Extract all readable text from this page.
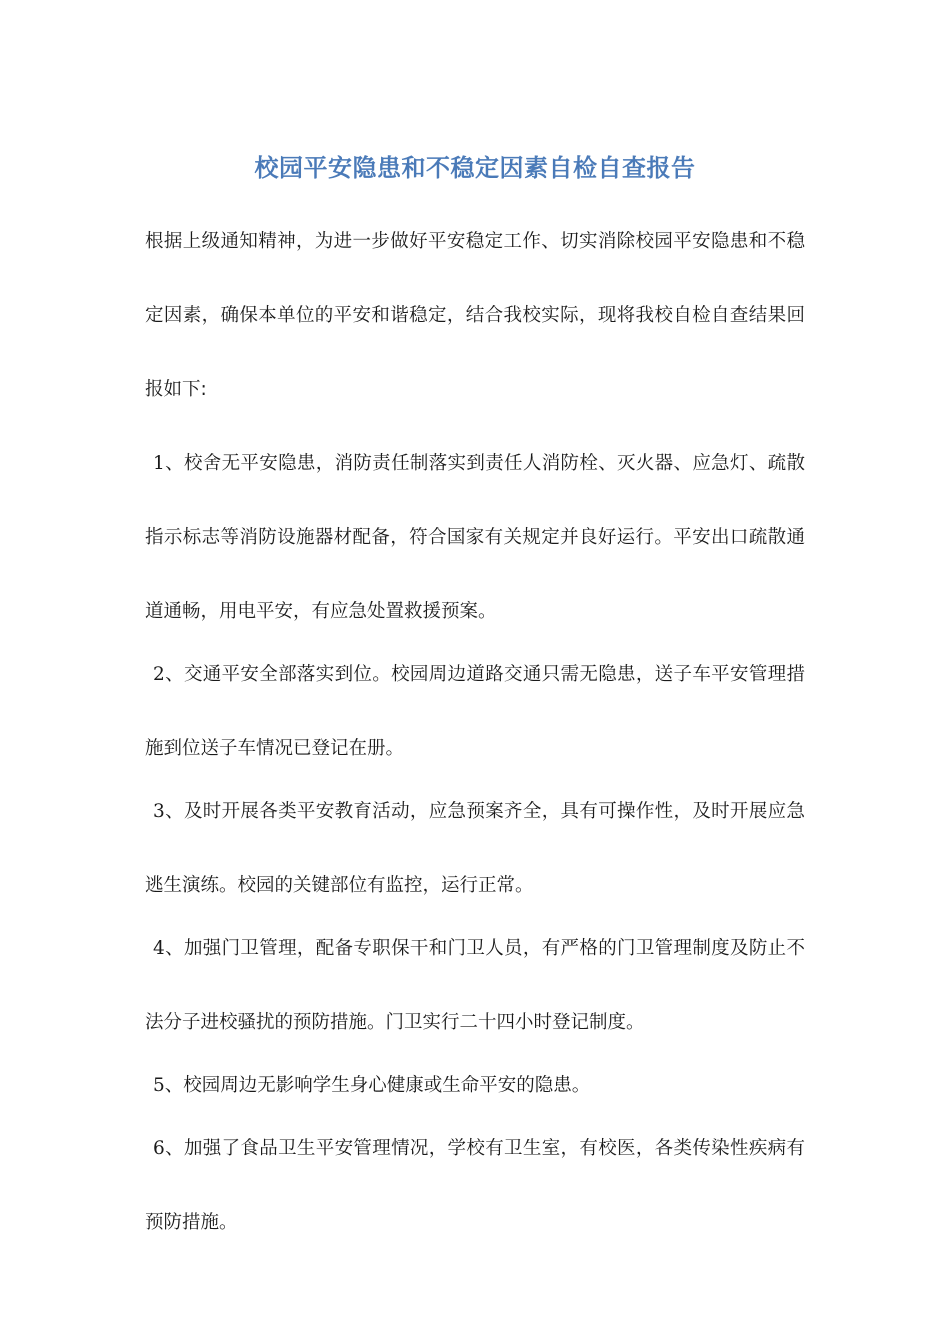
校园平安隐患和不稳定因素自检自查报告

根据上级通知精神，为进一步做好平安稳定工作、切实消除校园平安隐患和不稳定因素，确保本单位的平安和谐稳定，结合我校实际，现将我校自检自查结果回报如下:

1、校舍无平安隐患，消防责任制落实到责任人消防栓、灭火器、应急灯、疏散指示标志等消防设施器材配备，符合国家有关规定并良好运行。平安出口疏散通道通畅，用电平安，有应急处置救援预案。

2、交通平安全部落实到位。校园周边道路交通只需无隐患，送子车平安管理措施到位送子车情况已登记在册。

3、及时开展各类平安教育活动，应急预案齐全，具有可操作性，及时开展应急逃生演练。校园的关键部位有监控，运行正常。

4、加强门卫管理，配备专职保干和门卫人员，有严格的门卫管理制度及防止不法分子进校骚扰的预防措施。门卫实行二十四小时登记制度。

5、校园周边无影响学生身心健康或生命平安的隐患。

6、加强了食品卫生平安管理情况，学校有卫生室，有校医，各类传染性疾病有预防措施。
